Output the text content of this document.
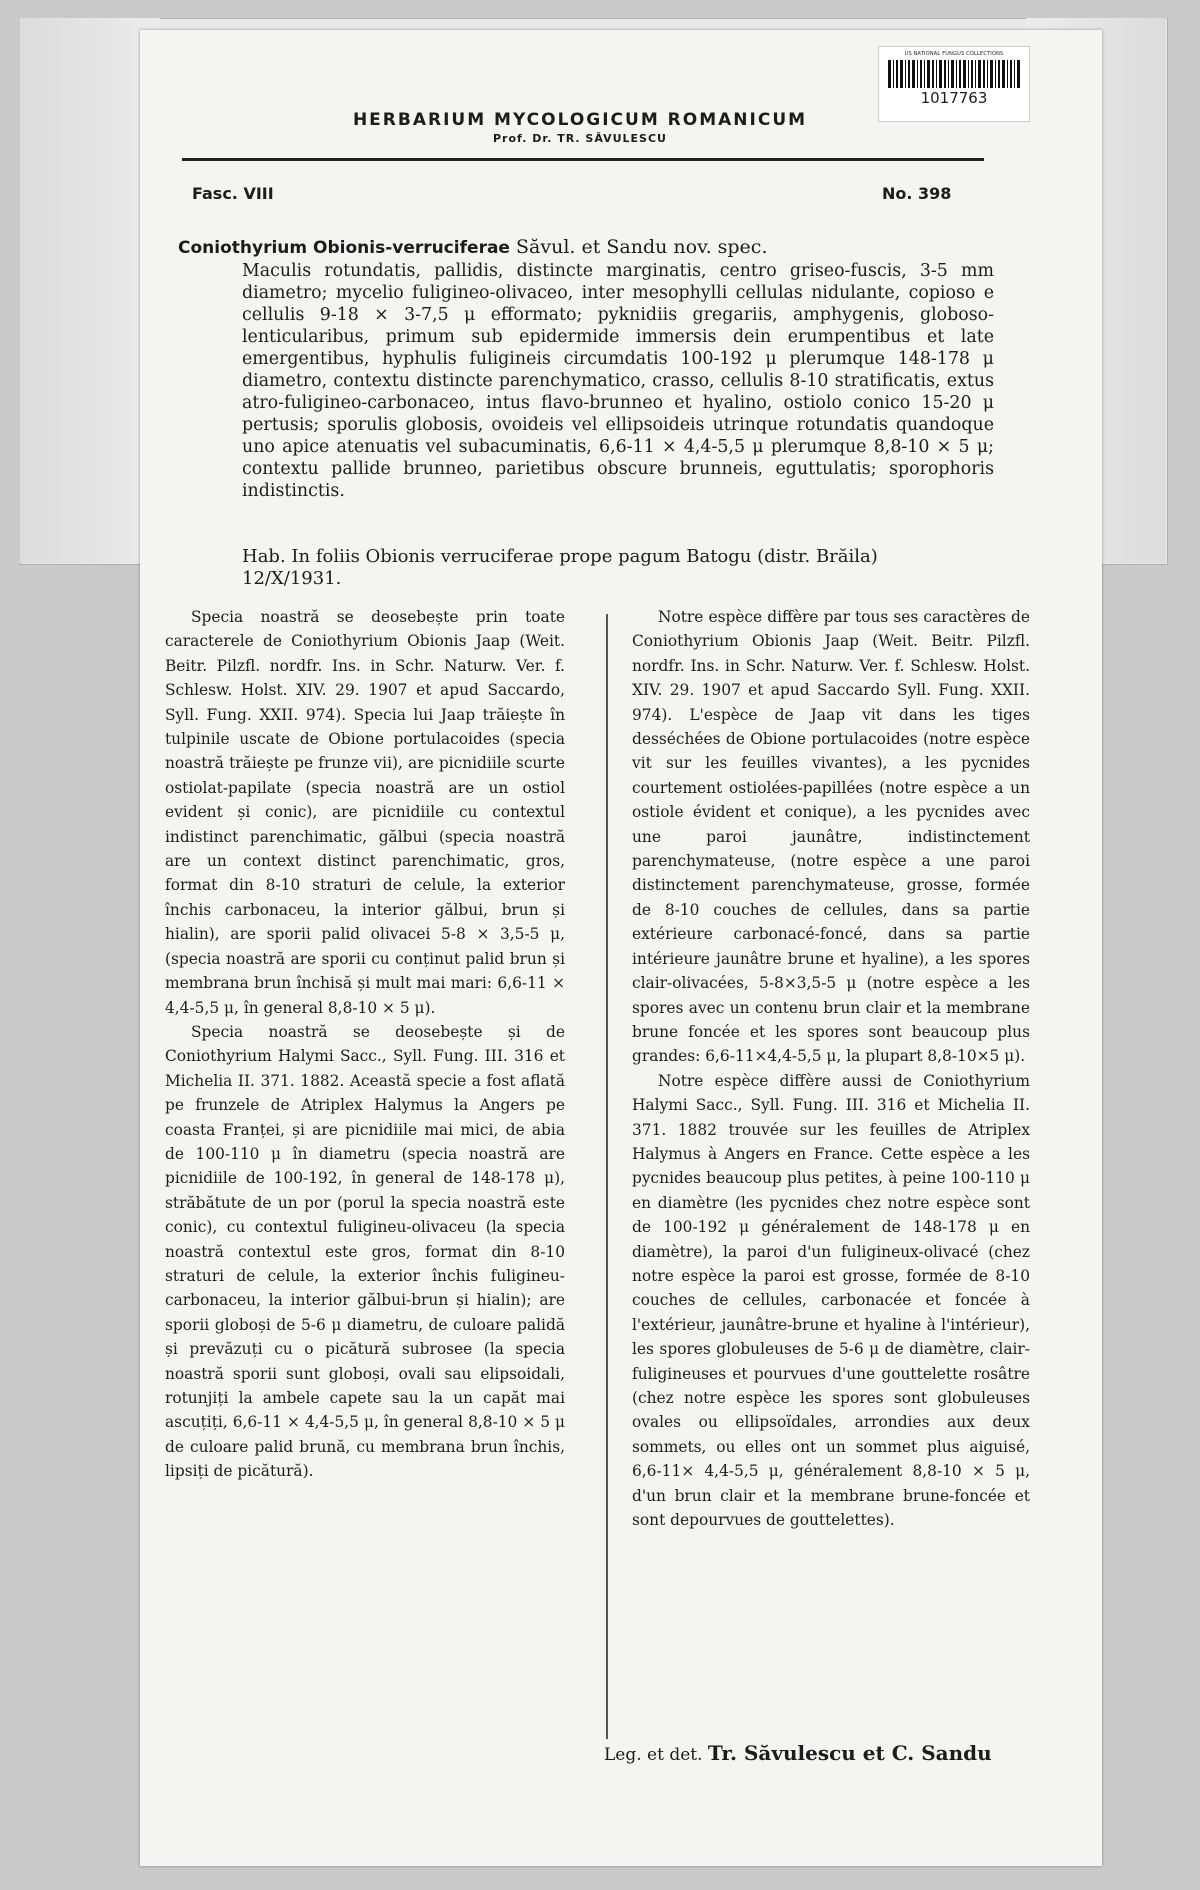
US NATIONAL FUNGUS COLLECTIONS
1017763
HERBARIUM MYCOLOGICUM ROMANICUM
Prof. Dr. TR. SĂVULESCU
Fasc. VIII	No. 398
Coniothyrium Obionis-verruciferae Săvul. et Sandu nov. spec.
Maculis rotundatis, pallidis, distincte marginatis, centro griseo-fuscis, 3-5 mm diametro; mycelio fuligineo-olivaceo, inter mesophylli cellulas nidulante, copioso e cellulis 9-18 × 3-7,5 μ efformato; pyknidiis gregariis, amphygenis, globoso-lenticularibus, primum sub epidermide immersis dein erumpentibus et late emergentibus, hyphulis fuligineis circumdatis 100-192 μ plerumque 148-178 μ diametro, contextu distincte parenchymatico, crasso, cellulis 8-10 stratificatis, extus atro-fuligineo-carbonaceo, intus flavo-brunneo et hyalino, ostiolo conico 15-20 μ pertusis; sporulis globosis, ovoideis vel ellipsoideis utrinque rotundatis quandoque uno apice atenuatis vel subacuminatis, 6,6-11 × 4,4-5,5 μ plerumque 8,8-10 × 5 μ; contextu pallide brunneo, parietibus obscure brunneis, eguttulatis; sporophoris indistinctis.
Hab. In foliis Obionis verruciferae prope pagum Batogu (distr. Brăila)
12/X/1931.

Specia noastră se deosebește prin toate caracterele de Coniothyrium Obionis Jaap (Weit. Beitr. Pilzfl. nordfr. Ins. in Schr. Naturw. Ver. f. Schlesw. Holst. XIV. 29. 1907 et apud Saccardo, Syll. Fung. XXII. 974). Specia lui Jaap trăiește în tulpinile uscate de Obione portulacoides (specia noastră trăiește pe frunze vii), are picnidiile scurte ostiolat-papilate (specia noastră are un ostiol evident și conic), are picnidiile cu contextul indistinct parenchimatic, gălbui (specia noastră are un context distinct parenchimatic, gros, format din 8-10 straturi de celule, la exterior închis carbonaceu, la interior gălbui, brun și hialin), are sporii palid olivacei 5-8 × 3,5-5 μ, (specia noastră are sporii cu conținut palid brun și membrana brun închisă și mult mai mari: 6,6-11 × 4,4-5,5 μ, în general 8,8-10 × 5 μ).

Specia noastră se deosebește și de Coniothyrium Halymi Sacc., Syll. Fung. III. 316 et Michelia II. 371. 1882. Această specie a fost aflată pe frunzele de Atriplex Halymus la Angers pe coasta Franței, și are picnidiile mai mici, de abia de 100-110 μ în diametru (specia noastră are picnidiile de 100-192, în general de 148-178 μ), străbătute de un por (porul la specia noastră este conic), cu contextul fuligineu-olivaceu (la specia noastră contextul este gros, format din 8-10 straturi de celule, la exterior închis fuligineu-carbonaceu, la interior gălbui-brun și hialin); are sporii globoși de 5-6 μ diametru, de culoare palidă și prevăzuți cu o picătură subrosee (la specia noastră sporii sunt globoși, ovali sau elipsoidali, rotunjiți la ambele capete sau la un capăt mai ascuțiți, 6,6-11 × 4,4-5,5 μ, în general 8,8-10 × 5 μ de culoare palid brună, cu membrana brun închis, lipsiți de picătură).

Notre espèce diffère par tous ses caractères de Coniothyrium Obionis Jaap (Weit. Beitr. Pilzfl. nordfr. Ins. in Schr. Naturw. Ver. f. Schlesw. Holst. XIV. 29. 1907 et apud Saccardo Syll. Fung. XXII. 974). L'espèce de Jaap vit dans les tiges desséchées de Obione portulacoides (notre espèce vit sur les feuilles vivantes), a les pycnides courtement ostiolées-papillées (notre espèce a un ostiole évident et conique), a les pycnides avec une paroi jaunâtre, indistinctement parenchymateuse, (notre espèce a une paroi distinctement parenchymateuse, grosse, formée de 8-10 couches de cellules, dans sa partie extérieure carbonacé-foncé, dans sa partie intérieure jaunâtre brune et hyaline), a les spores clair-olivacées, 5-8×3,5-5 μ (notre espèce a les spores avec un contenu brun clair et la membrane brune foncée et les spores sont beaucoup plus grandes: 6,6-11×4,4-5,5 μ, la plupart 8,8-10×5 μ).

Notre espèce diffère aussi de Coniothyrium Halymi Sacc., Syll. Fung. III. 316 et Michelia II. 371. 1882 trouvée sur les feuilles de Atriplex Halymus à Angers en France. Cette espèce a les pycnides beaucoup plus petites, à peine 100-110 μ en diamètre (les pycnides chez notre espèce sont de 100-192 μ généralement de 148-178 μ en diamètre), la paroi d'un fuligineux-olivacé (chez notre espèce la paroi est grosse, formée de 8-10 couches de cellules, carbonacée et foncée à l'extérieur, jaunâtre-brune et hyaline à l'intérieur), les spores globuleuses de 5-6 μ de diamètre, clair-fuligineuses et pourvues d'une gouttelette rosâtre (chez notre espèce les spores sont globuleuses ovales ou ellipsoïdales, arrondies aux deux sommets, ou elles ont un sommet plus aiguisé, 6,6-11× 4,4-5,5 μ, généralement 8,8-10 × 5 μ, d'un brun clair et la membrane brune-foncée et sont depourvues de gouttelettes).

Leg. et det. Tr. Săvulescu et C. Sandu
